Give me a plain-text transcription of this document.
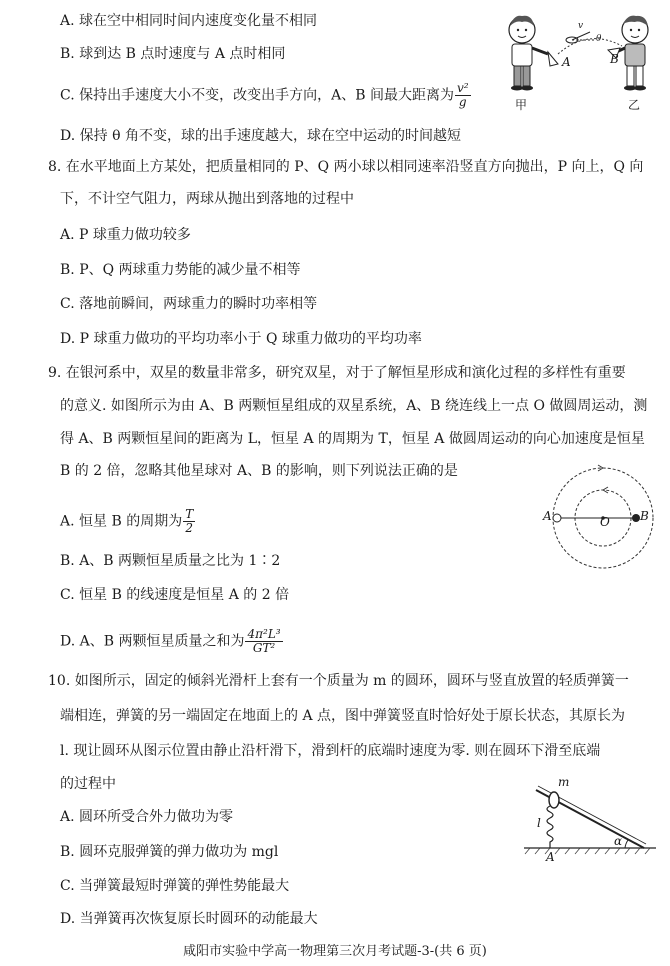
A. 球在空中相同时间内速度变化量不相同
B. 球到达 B 点时速度与 A 点时相同
C. 保持出手速度大小不变，改变出手方向，A、B 间最大距离为 $\frac{\text{v²}}{g}$
D. 保持 θ 角不变，球的出手速度越大，球在空中运动的时间越短
v
θ
A	B
甲	乙
8. 在水平地面上方某处，把质量相同的 P、Q 两小球以相同速率沿竖直方向抛出，P 向上，Q 向
下，不计空气阻力，两球从抛出到落地的过程中
A. P 球重力做功较多
B. P、Q 两球重力势能的减少量不相等
C. 落地前瞬间，两球重力的瞬时功率相等
D. P 球重力做功的平均功率小于 Q 球重力做功的平均功率
9. 在银河系中，双星的数量非常多，研究双星，对于了解恒星形成和演化过程的多样性有重要
的意义. 如图所示为由 A、B 两颗恒星组成的双星系统，A、B 绕连线上一点 O 做圆周运动，测
得 A、B 两颗恒星间的距离为 L，恒星 A 的周期为 T，恒星 A 做圆周运动的向心加速度是恒星
B 的 2 倍，忽略其他星球对 A、B 的影响，则下列说法正确的是
A. 恒星 B 的周期为 $\frac{T}{2}$
B. A、B 两颗恒星质量之比为 1∶2
C. 恒星 B 的线速度是恒星 A 的 2 倍
D. A、B 两颗恒星质量之和为 $\frac{\text{4π²L³}}{\text{GT²}}$
A	O	B
10. 如图所示，固定的倾斜光滑杆上套有一个质量为 m 的圆环，圆环与竖直放置的轻质弹簧一
端相连，弹簧的另一端固定在地面上的 A 点，图中弹簧竖直时恰好处于原长状态，其原长为
l. 现让圆环从图示位置由静止沿杆滑下，滑到杆的底端时速度为零. 则在圆环下滑至底端
的过程中
A. 圆环所受合外力做功为零
B. 圆环克服弹簧的弹力做功为 mgl
C. 当弹簧最短时弹簧的弹性势能最大
D. 当弹簧再次恢复原长时圆环的动能最大
m
l
A
α
咸阳市实验中学高一物理第三次月考试题-3-(共 6 页)
